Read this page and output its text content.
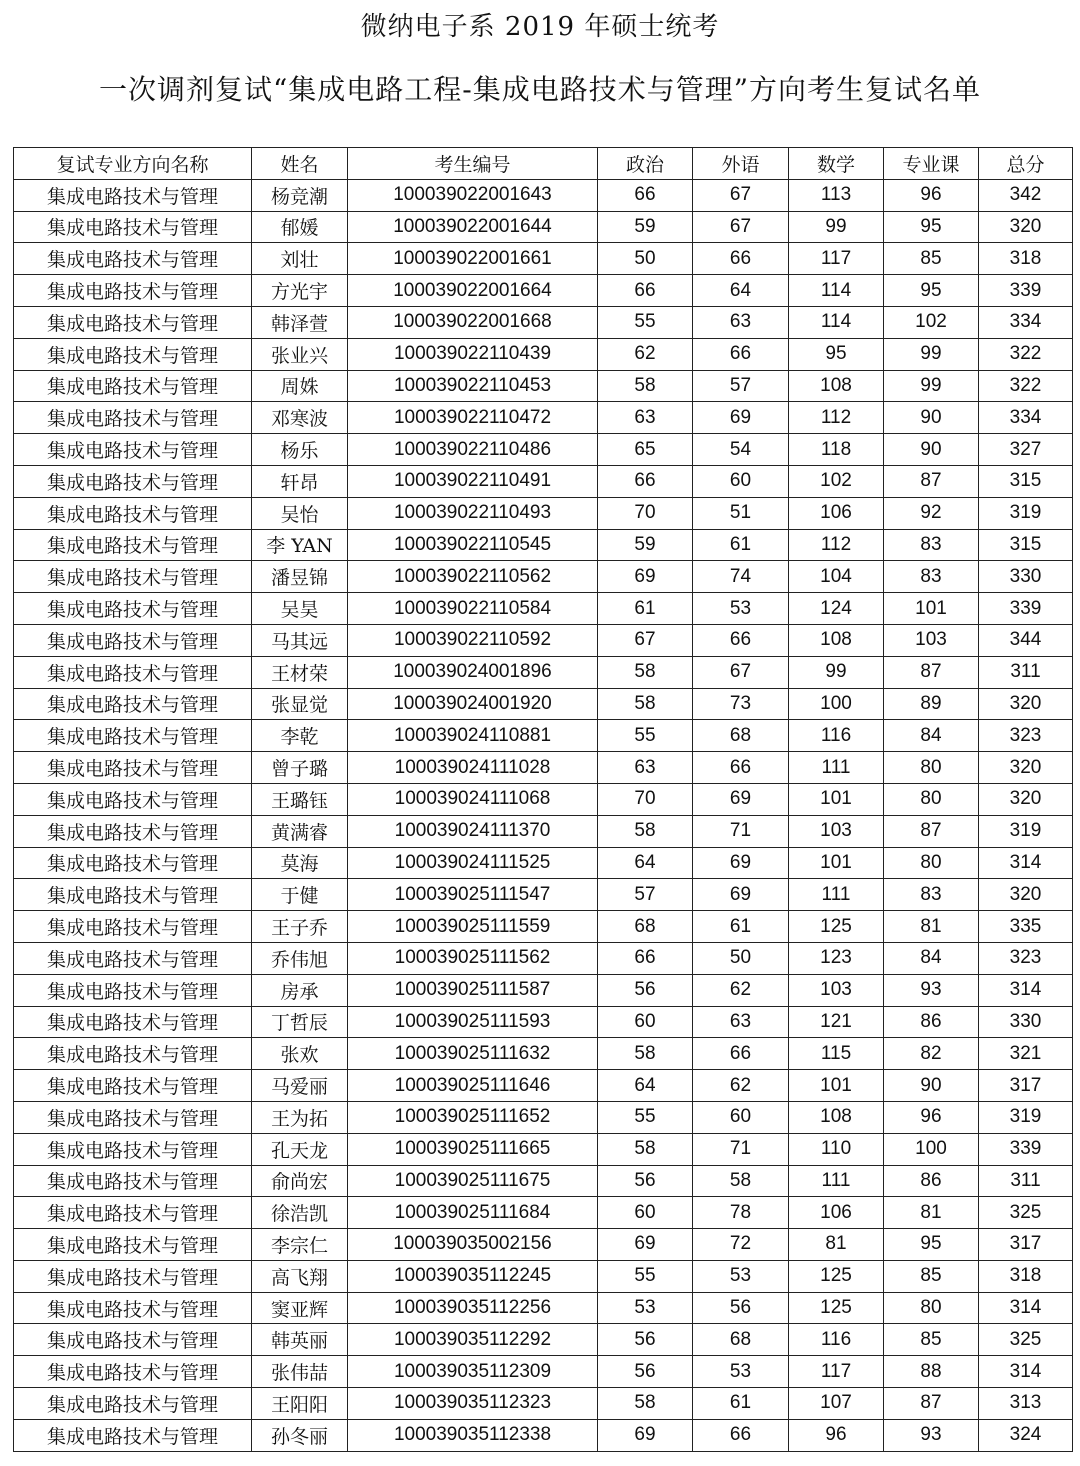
微纳电子系 2019 年硕士统考
一次调剂复试“集成电路工程-集成电路技术与管理”方向考生复试名单
复试专业方向名称	姓名	考生编号	政治	外语	数学	专业课	总分
集成电路技术与管理	杨竞潮	100039022001643	66	67	113	96	342
集成电路技术与管理	郁媛	100039022001644	59	67	99	95	320
集成电路技术与管理	刘壮	100039022001661	50	66	117	85	318
集成电路技术与管理	方光宇	100039022001664	66	64	114	95	339
集成电路技术与管理	韩泽萱	100039022001668	55	63	114	102	334
集成电路技术与管理	张业兴	100039022110439	62	66	95	99	322
集成电路技术与管理	周姝	100039022110453	58	57	108	99	322
集成电路技术与管理	邓寒波	100039022110472	63	69	112	90	334
集成电路技术与管理	杨乐	100039022110486	65	54	118	90	327
集成电路技术与管理	轩昂	100039022110491	66	60	102	87	315
集成电路技术与管理	吴怡	100039022110493	70	51	106	92	319
集成电路技术与管理	李 YAN	100039022110545	59	61	112	83	315
集成电路技术与管理	潘昱锦	100039022110562	69	74	104	83	330
集成电路技术与管理	吴昊	100039022110584	61	53	124	101	339
集成电路技术与管理	马其远	100039022110592	67	66	108	103	344
集成电路技术与管理	王材荣	100039024001896	58	67	99	87	311
集成电路技术与管理	张显觉	100039024001920	58	73	100	89	320
集成电路技术与管理	李乾	100039024110881	55	68	116	84	323
集成电路技术与管理	曾子璐	100039024111028	63	66	111	80	320
集成电路技术与管理	王璐钰	100039024111068	70	69	101	80	320
集成电路技术与管理	黄满睿	100039024111370	58	71	103	87	319
集成电路技术与管理	莫海	100039024111525	64	69	101	80	314
集成电路技术与管理	于健	100039025111547	57	69	111	83	320
集成电路技术与管理	王子乔	100039025111559	68	61	125	81	335
集成电路技术与管理	乔伟旭	100039025111562	66	50	123	84	323
集成电路技术与管理	房承	100039025111587	56	62	103	93	314
集成电路技术与管理	丁哲辰	100039025111593	60	63	121	86	330
集成电路技术与管理	张欢	100039025111632	58	66	115	82	321
集成电路技术与管理	马爱丽	100039025111646	64	62	101	90	317
集成电路技术与管理	王为拓	100039025111652	55	60	108	96	319
集成电路技术与管理	孔天龙	100039025111665	58	71	110	100	339
集成电路技术与管理	俞尚宏	100039025111675	56	58	111	86	311
集成电路技术与管理	徐浩凯	100039025111684	60	78	106	81	325
集成电路技术与管理	李宗仁	100039035002156	69	72	81	95	317
集成电路技术与管理	高飞翔	100039035112245	55	53	125	85	318
集成电路技术与管理	窦亚辉	100039035112256	53	56	125	80	314
集成电路技术与管理	韩英丽	100039035112292	56	68	116	85	325
集成电路技术与管理	张伟喆	100039035112309	56	53	117	88	314
集成电路技术与管理	王阳阳	100039035112323	58	61	107	87	313
集成电路技术与管理	孙冬丽	100039035112338	69	66	96	93	324
